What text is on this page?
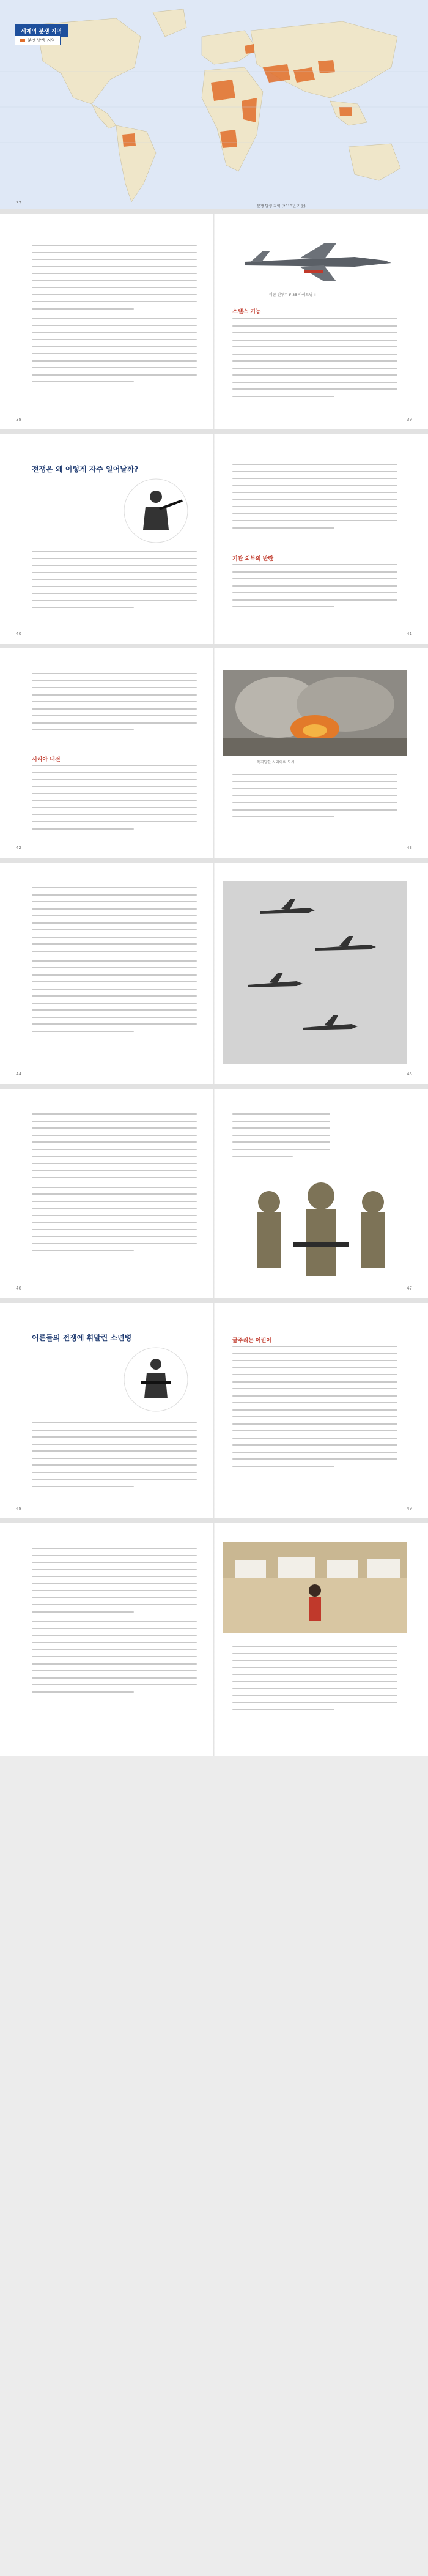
세계의 분쟁 지역
분쟁 발생 지역
분쟁 발생 지역 (2013년 기준)
37
미군 전투기 F-35 라이트닝 II
스텔스 기능
38	39
전쟁은 왜 이렇게 자주 일어날까?
기관 외부의 반란
40	41
시리아 내전	폭격당한 시리아의 도시
42	43
44	45
46	47
어른들의 전쟁에 휘말린 소년병	굶주리는 어린이
48	49
